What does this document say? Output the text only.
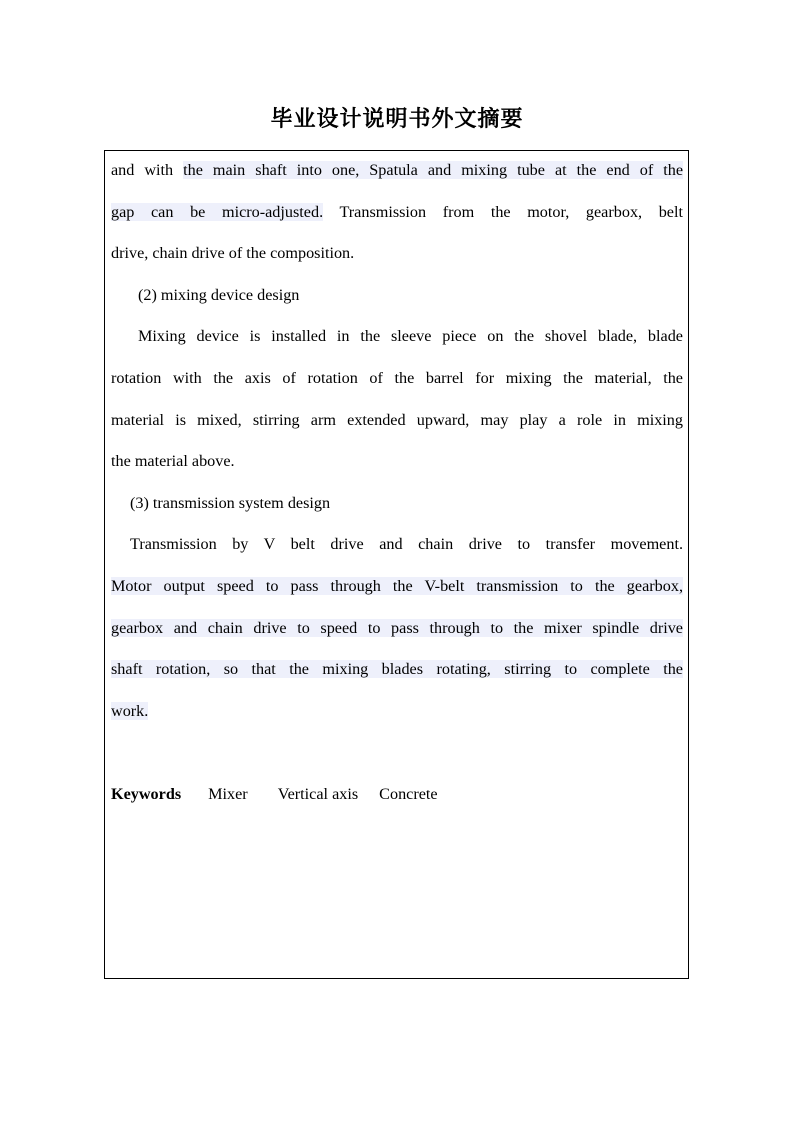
毕业设计说明书外文摘要
and with the main shaft into one, Spatula and mixing tube at the end of the
gap can be micro-adjusted. Transmission from the motor, gearbox, belt
drive, chain drive of the composition.
(2) mixing device design
Mixing device is installed in the sleeve piece on the shovel blade, blade
rotation with the axis of rotation of the barrel for mixing the material, the
material is mixed, stirring arm extended upward, may play a role in mixing
the material above.
(3) transmission system design
Transmission by V belt drive and chain drive to transfer movement.
Motor output speed to pass through the V-belt transmission to the gearbox,
gearbox and chain drive to speed to pass through to the mixer spindle drive
shaft rotation, so that the mixing blades rotating, stirring to complete the
work.
Keywords Mixer Vertical axis Concrete
